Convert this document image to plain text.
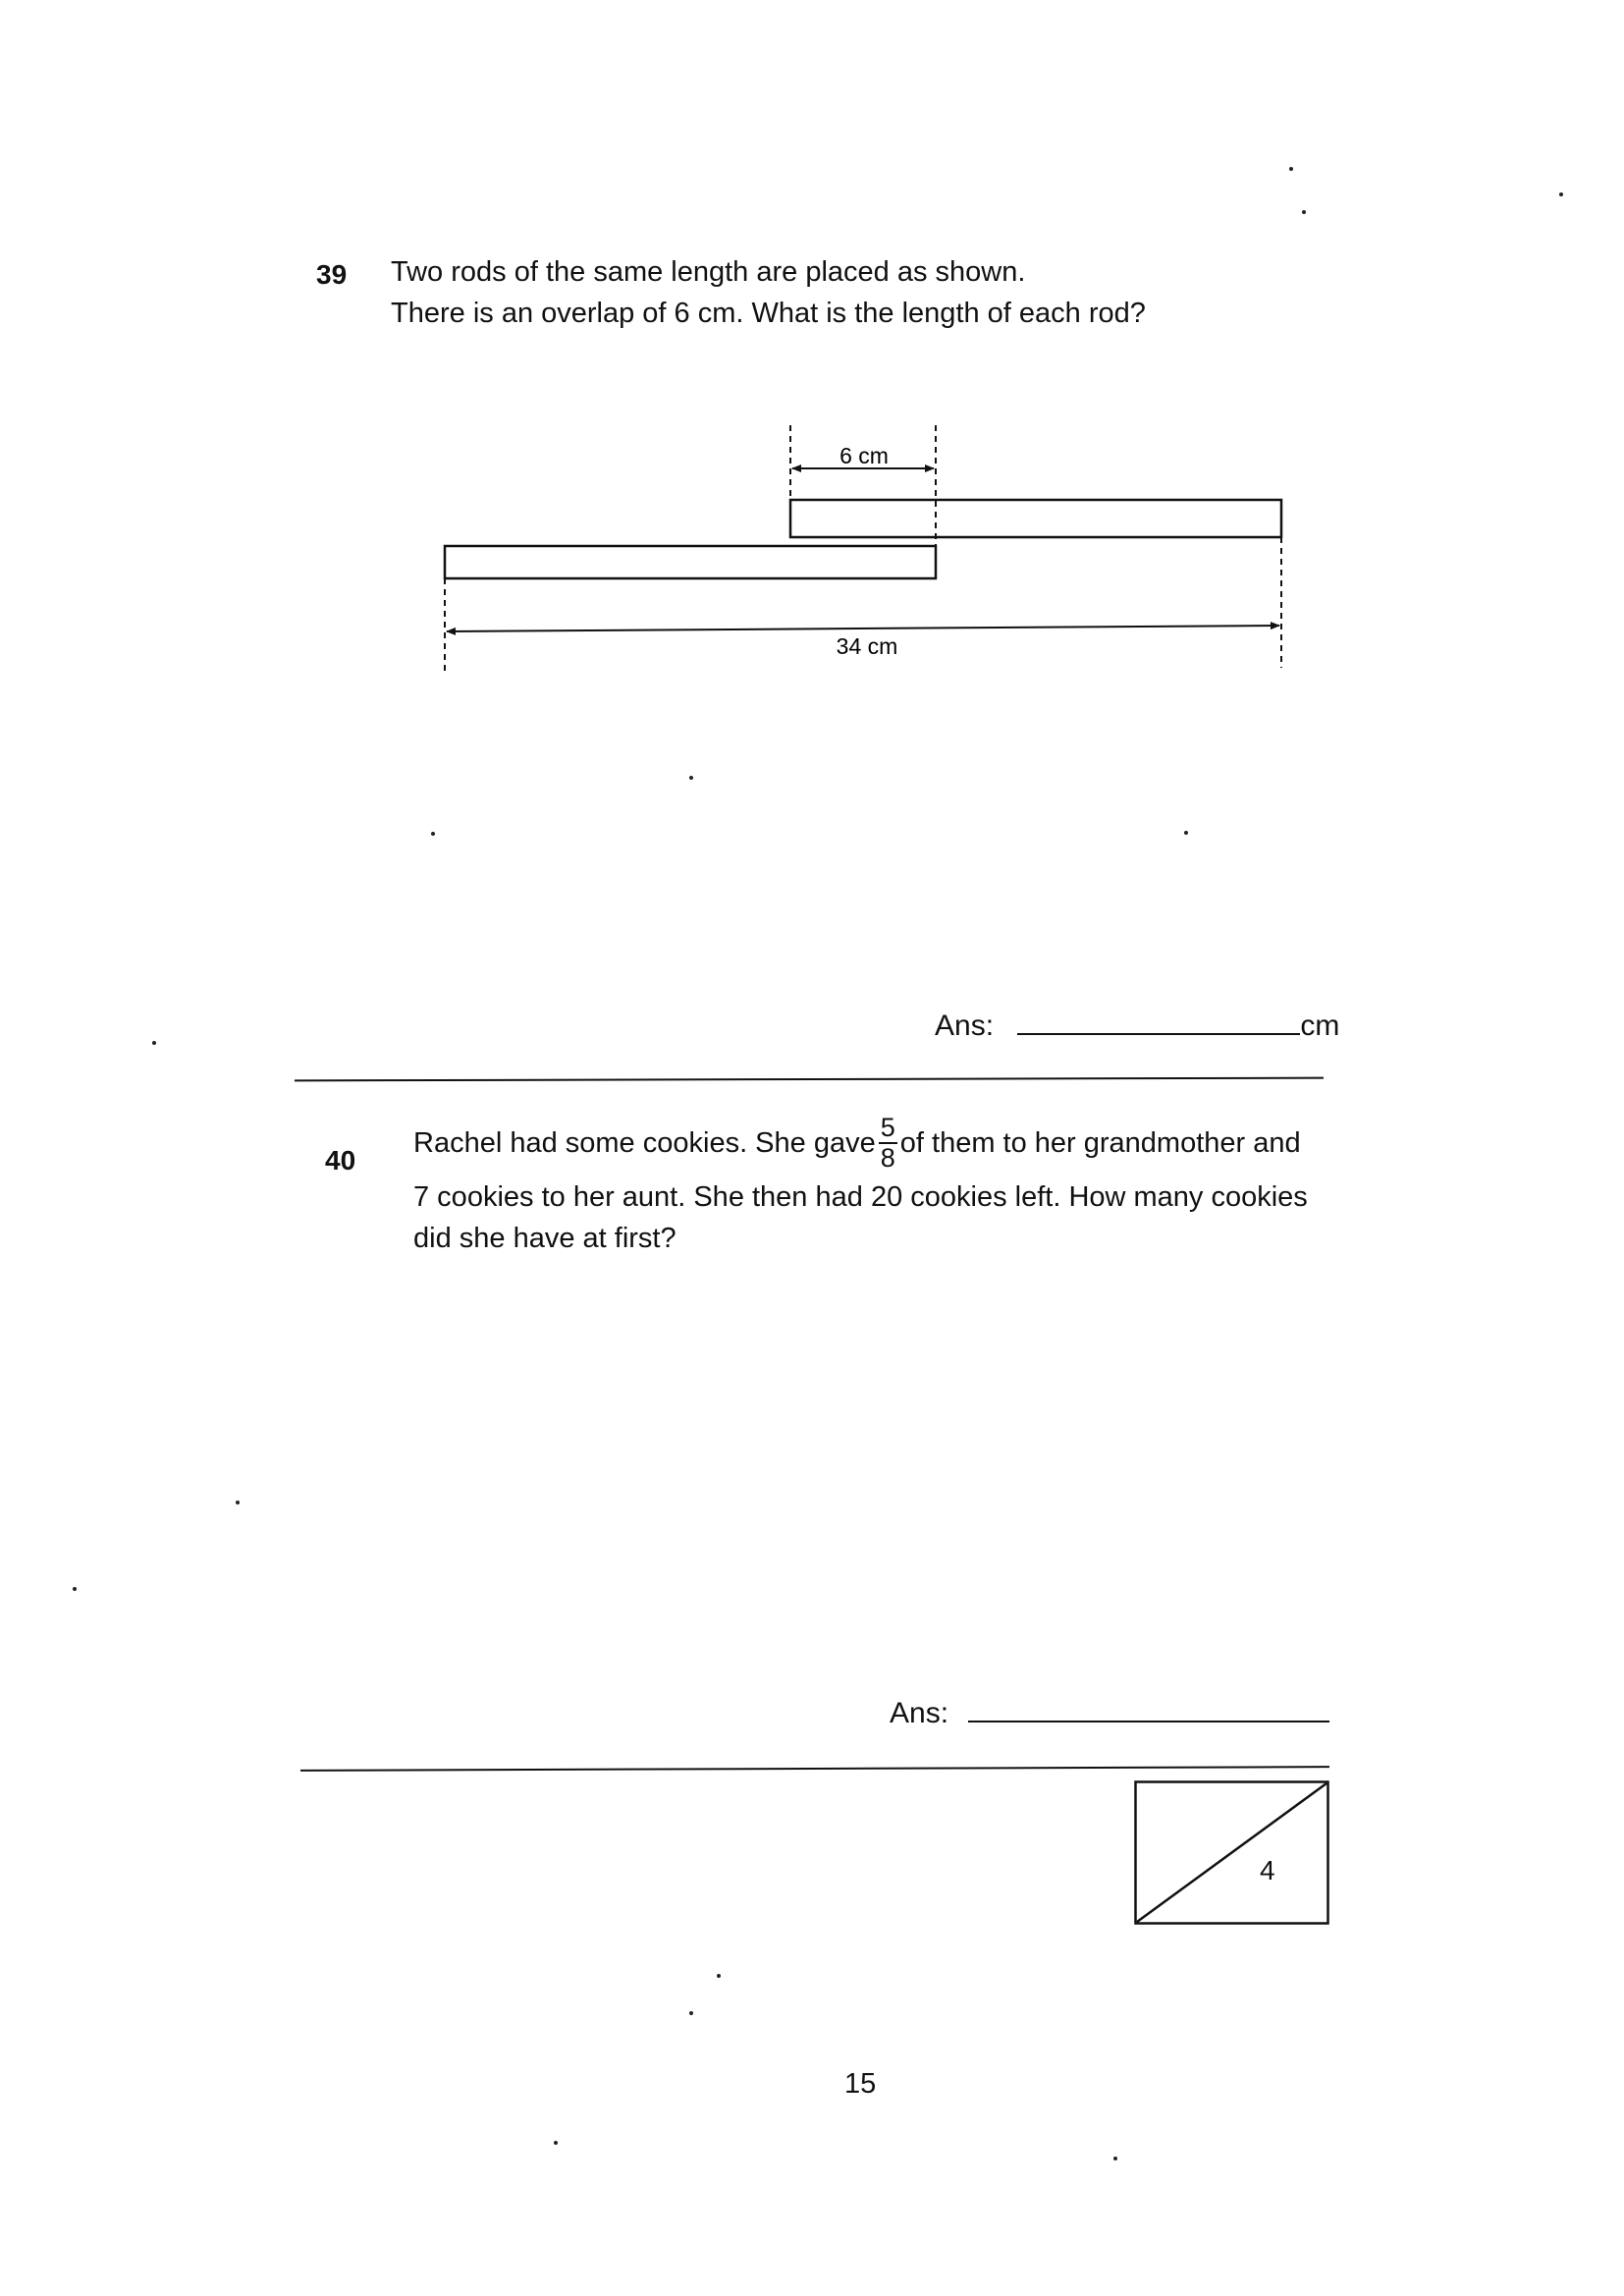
39 Two rods of the same length are placed as shown.
There is an overlap of 6 cm. What is the length of each rod?
6 cm
34 cm
Ans:	cm
40
Rachel had some cookies. She gave $\frac{5}{8}$ of them to her grandmother and
7 cookies to her aunt. She then had 20 cookies left. How many cookies
did she have at first?
Ans:
4
15
